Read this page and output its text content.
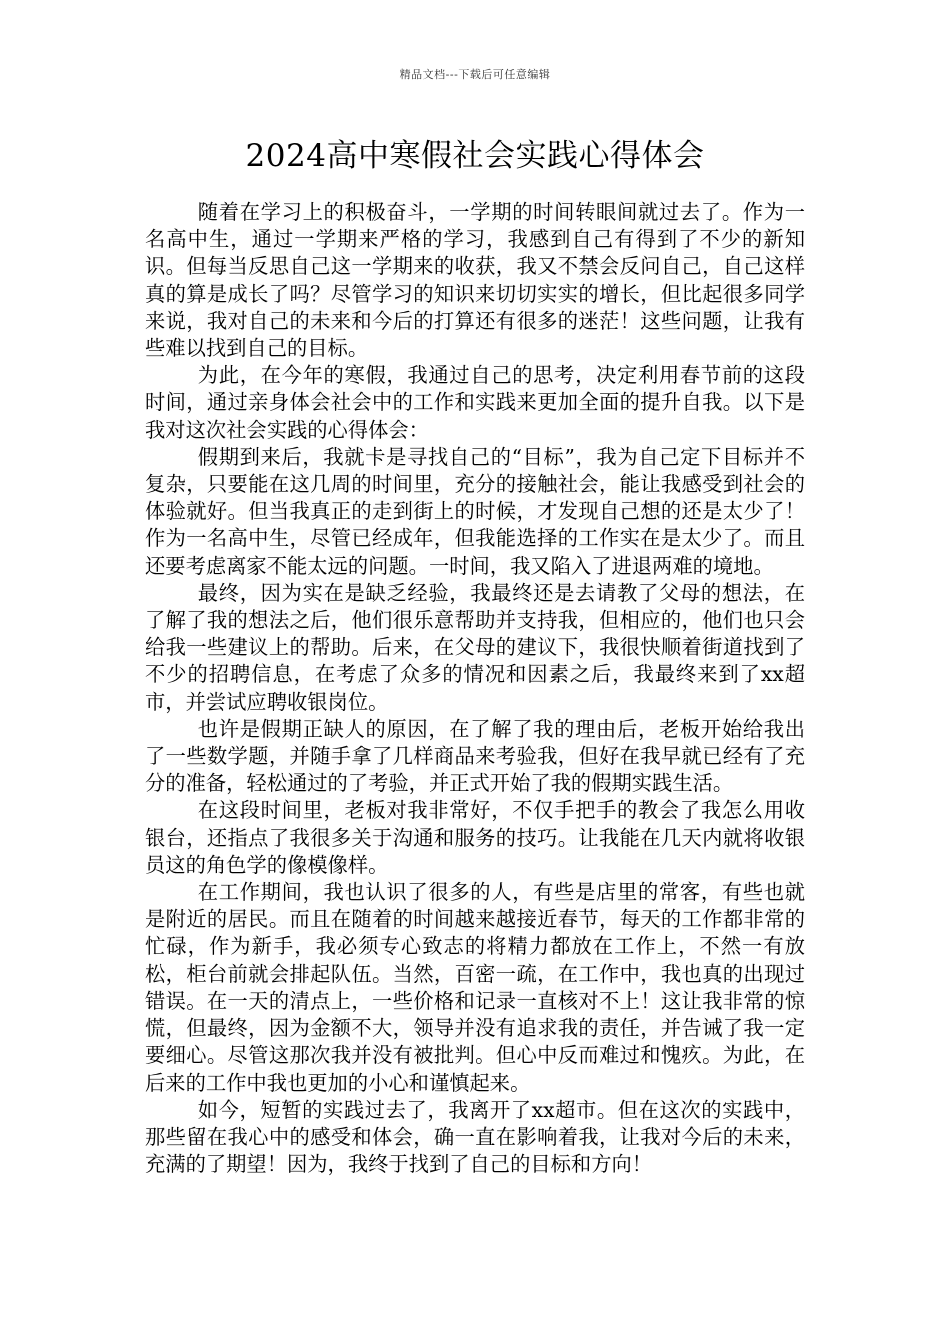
精品文档---下载后可任意编辑
2024高中寒假社会实践心得体会

随着在学习上的积极奋斗，一学期的时间转眼间就过去了。作为一名高中生，通过一学期来严格的学习，我感到自己有得到了不少的新知识。但每当反思自己这一学期来的收获，我又不禁会反问自己，自己这样真的算是成长了吗？尽管学习的知识来切切实实的增长，但比起很多同学来说，我对自己的未来和今后的打算还有很多的迷茫！这些问题，让我有些难以找到自己的目标。

为此，在今年的寒假，我通过自己的思考，决定利用春节前的这段时间，通过亲身体会社会中的工作和实践来更加全面的提升自我。以下是我对这次社会实践的心得体会：

假期到来后，我就卡是寻找自己的“目标”，我为自己定下目标并不复杂，只要能在这几周的时间里，充分的接触社会，能让我感受到社会的体验就好。但当我真正的走到街上的时候，才发现自己想的还是太少了！作为一名高中生，尽管已经成年，但我能选择的工作实在是太少了。而且还要考虑离家不能太远的问题。一时间，我又陷入了进退两难的境地。

最终，因为实在是缺乏经验，我最终还是去请教了父母的想法，在了解了我的想法之后，他们很乐意帮助并支持我，但相应的，他们也只会给我一些建议上的帮助。后来，在父母的建议下，我很快顺着街道找到了不少的招聘信息，在考虑了众多的情况和因素之后，我最终来到了xx超市，并尝试应聘收银岗位。

也许是假期正缺人的原因，在了解了我的理由后，老板开始给我出了一些数学题，并随手拿了几样商品来考验我，但好在我早就已经有了充分的准备，轻松通过的了考验，并正式开始了我的假期实践生活。

在这段时间里，老板对我非常好，不仅手把手的教会了我怎么用收银台，还指点了我很多关于沟通和服务的技巧。让我能在几天内就将收银员这的角色学的像模像样。

在工作期间，我也认识了很多的人，有些是店里的常客，有些也就是附近的居民。而且在随着的时间越来越接近春节，每天的工作都非常的忙碌，作为新手，我必须专心致志的将精力都放在工作上，不然一有放松，柜台前就会排起队伍。当然，百密一疏，在工作中，我也真的出现过错误。在一天的清点上，一些价格和记录一直核对不上！这让我非常的惊慌，但最终，因为金额不大，领导并没有追求我的责任，并告诫了我一定要细心。尽管这那次我并没有被批判。但心中反而难过和愧疚。为此，在后来的工作中我也更加的小心和谨慎起来。

如今，短暂的实践过去了，我离开了xx超市。但在这次的实践中，那些留在我心中的感受和体会，确一直在影响着我，让我对今后的未来，充满的了期望！因为，我终于找到了自己的目标和方向！
